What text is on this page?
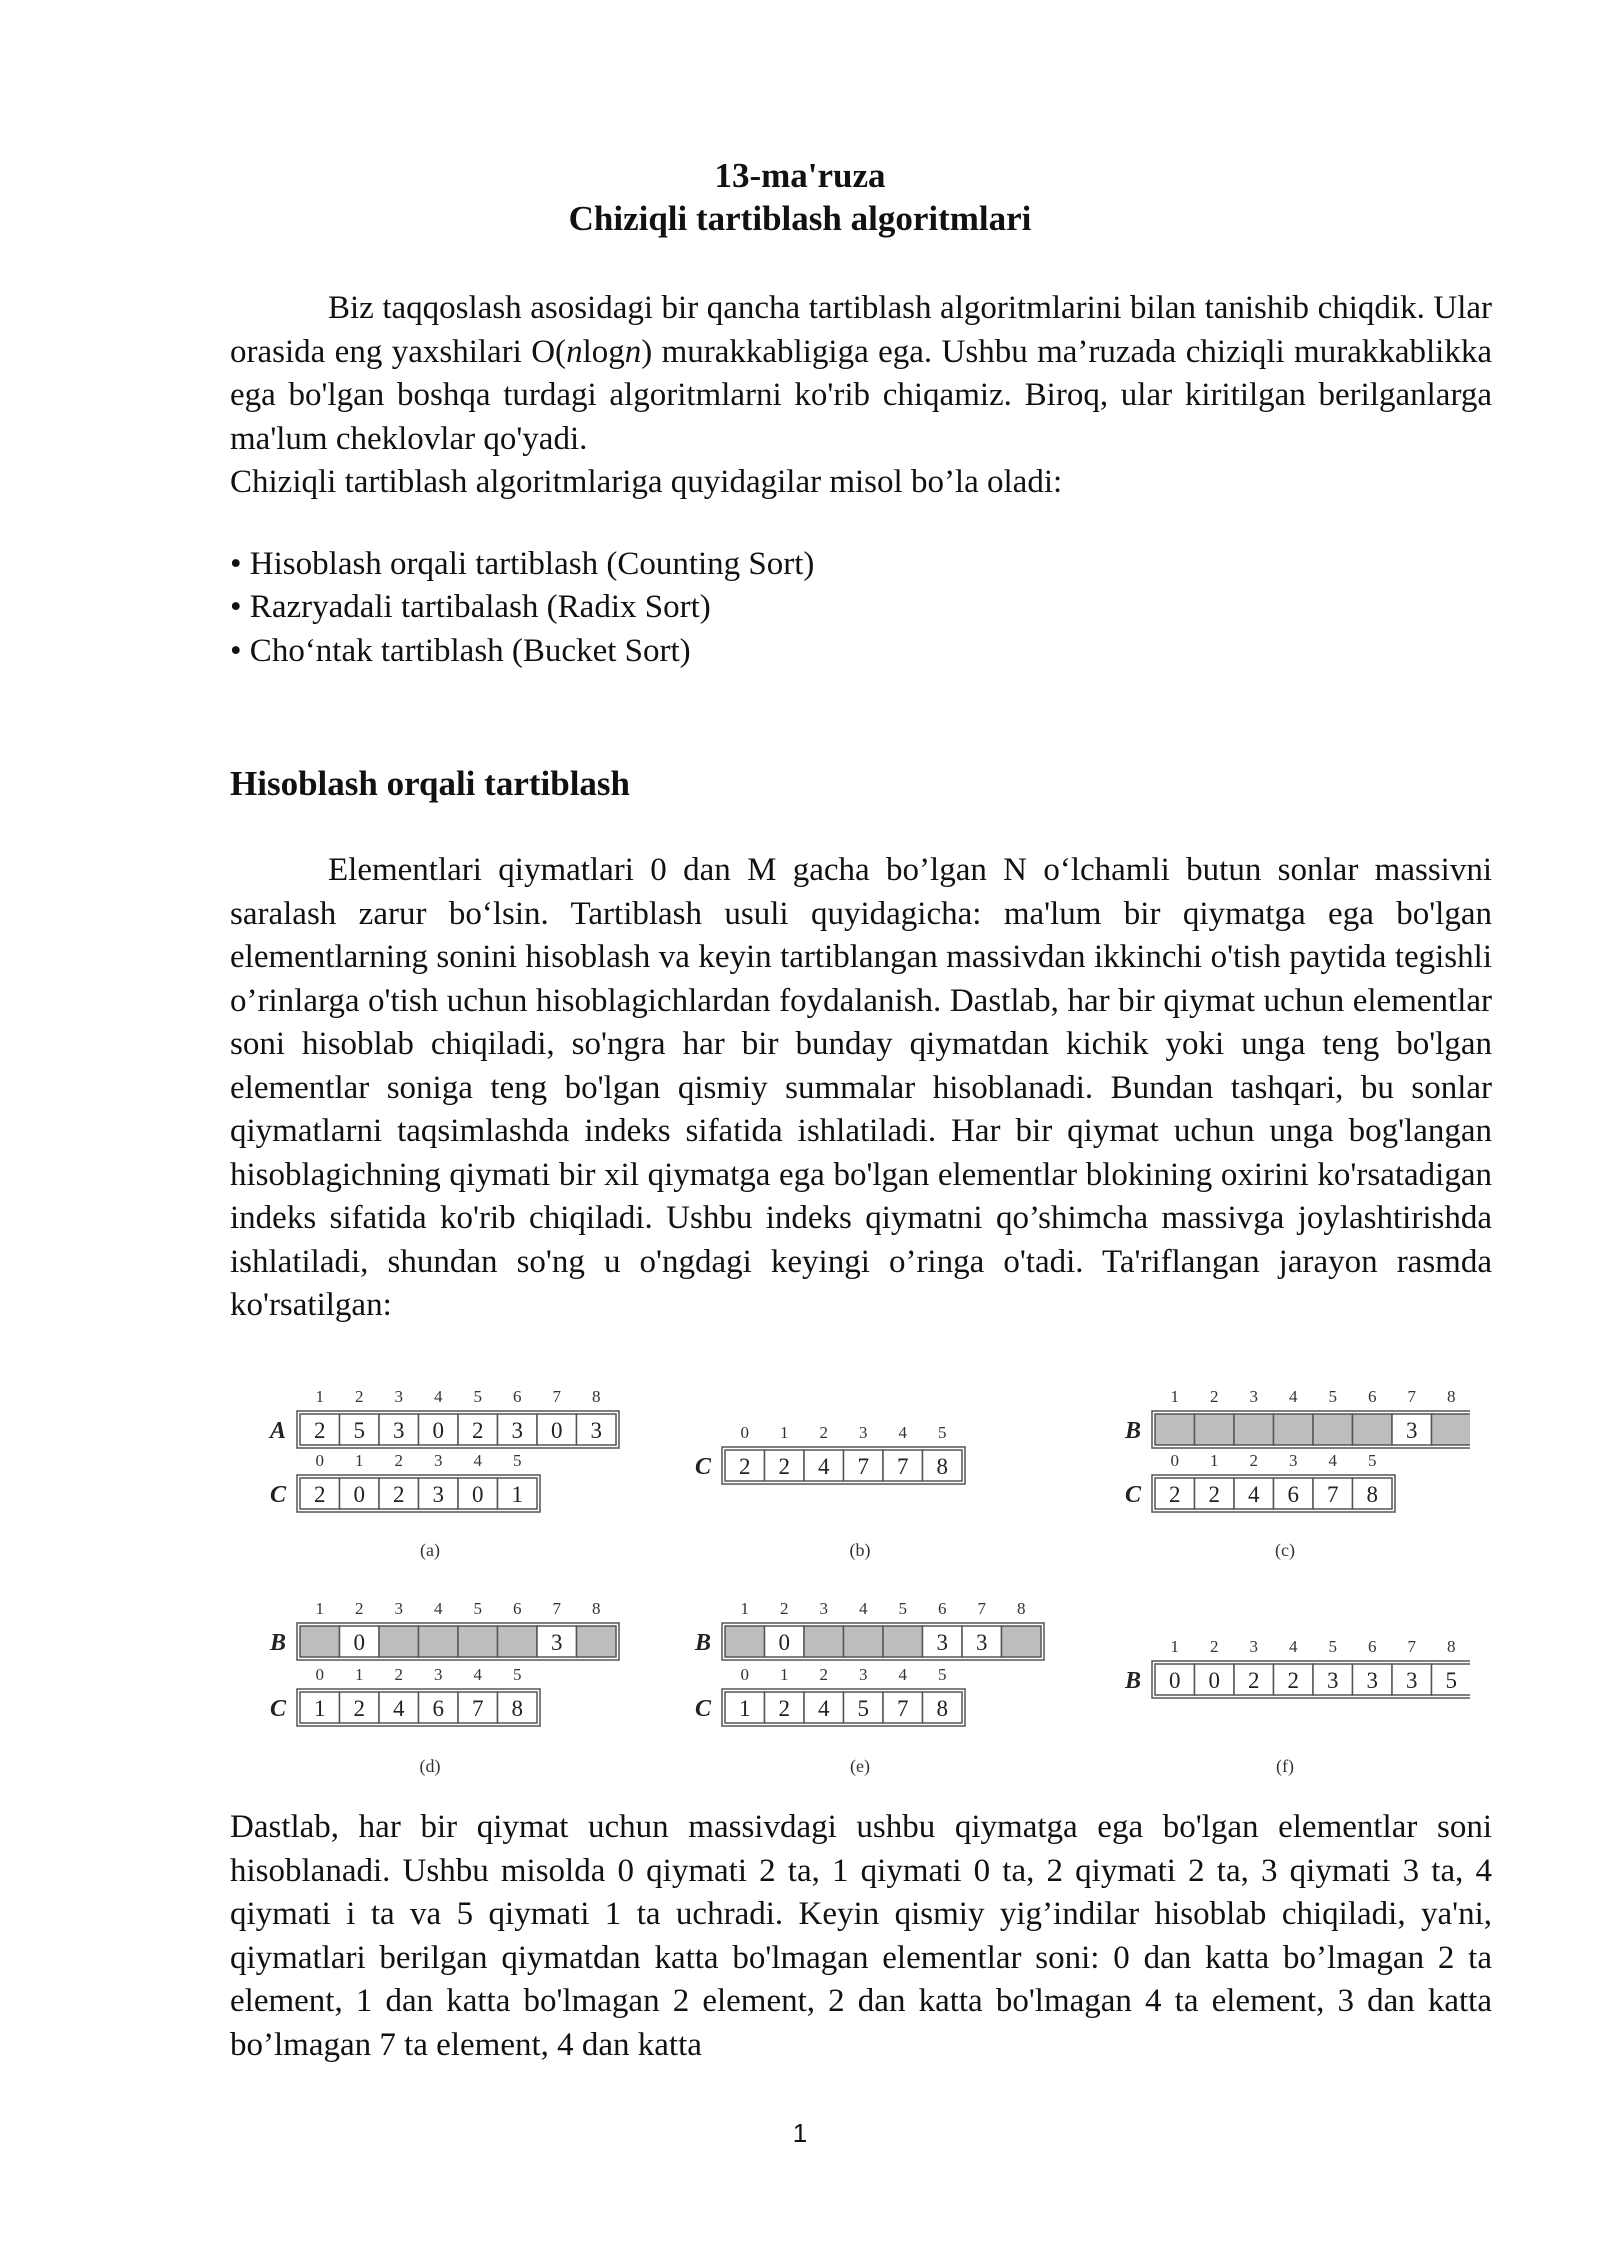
13-ma'ruza
Chiziqli tartiblash algoritmlari

Biz taqqoslash asosidagi bir qancha tartiblash algoritmlarini bilan tanishib chiqdik. Ular orasida eng yaxshilari O(nlogn) murakkabligiga ega. Ushbu ma’ruzada chiziqli murakkablikka ega bo'lgan boshqa turdagi algoritmlarni ko'rib chiqamiz. Biroq, ular kiritilgan berilganlarga ma'lum cheklovlar qo'yadi.

Chiziqli tartiblash algoritmlariga quyidagilar misol bo’la oladi:

• Hisoblash orqali tartiblash (Counting Sort)
• Razryadali tartibalash (Radix Sort)
• Cho‘ntak tartiblash (Bucket Sort)
Hisoblash orqali tartiblash

Elementlari qiymatlari 0 dan M gacha bo’lgan N o‘lchamli butun sonlar massivni saralash zarur bo‘lsin. Tartiblash usuli quyidagicha: ma'lum bir qiymatga ega bo'lgan elementlarning sonini hisoblash va keyin tartiblangan massivdan ikkinchi o'tish paytida tegishli o’rinlarga o'tish uchun hisoblagichlardan foydalanish. Dastlab, har bir qiymat uchun elementlar soni hisoblab chiqiladi, so'ngra har bir bunday qiymatdan kichik yoki unga teng bo'lgan elementlar soniga teng bo'lgan qismiy summalar hisoblanadi. Bundan tashqari, bu sonlar qiymatlarni taqsimlashda indeks sifatida ishlatiladi. Har bir qiymat uchun unga bog'langan hisoblagichning qiymati bir xil qiymatga ega bo'lgan elementlar blokining oxirini ko'rsatadigan indeks sifatida ko'rib chiqiladi. Ushbu indeks qiymatni qo’shimcha massivga joylashtirishda ishlatiladi, shundan so'ng u o'ngdagi keyingi o’ringa o'tadi. Ta'riflangan jarayon rasmda ko'rsatilgan:

A
1
2
2
5
3
3
4
0
5
2
6
3
7
0
8
3
C
0
2
1
0
2
2
3
3
4
0
5
1
(a)
C
0
2
1
2
2
4
3
7
4
7
5
8
(b)
B
1 2 3 4 5 6 7
3
8
C
0
2
1
2
2
4
3
6
4
7
5
8
(c)
B
1 2
0
3 4 5 6 7
3
8
C
0
1
1
2
2
4
3
6
4
7
5
8
(d)
B
1 2
0
3 4 5 6
3
7
3
8
C
0
1
1
2
2
4
3
5
4
7
5
8
(e)
B
1
0
2
0
3
2
4
2
5
3
6
3
7
3
8
5
(f)

Dastlab, har bir qiymat uchun massivdagi ushbu qiymatga ega bo'lgan elementlar soni hisoblanadi. Ushbu misolda 0 qiymati 2 ta, 1 qiymati 0 ta, 2 qiymati 2 ta, 3 qiymati 3 ta, 4 qiymati i ta va 5 qiymati 1 ta uchradi. Keyin qismiy yig’indilar hisoblab chiqiladi, ya'ni, qiymatlari berilgan qiymatdan katta bo'lmagan elementlar soni: 0 dan katta bo’lmagan 2 ta element, 1 dan katta bo'lmagan 2 element, 2 dan katta bo'lmagan 4 ta element, 3 dan katta bo’lmagan 7 ta element, 4 dan katta

1
